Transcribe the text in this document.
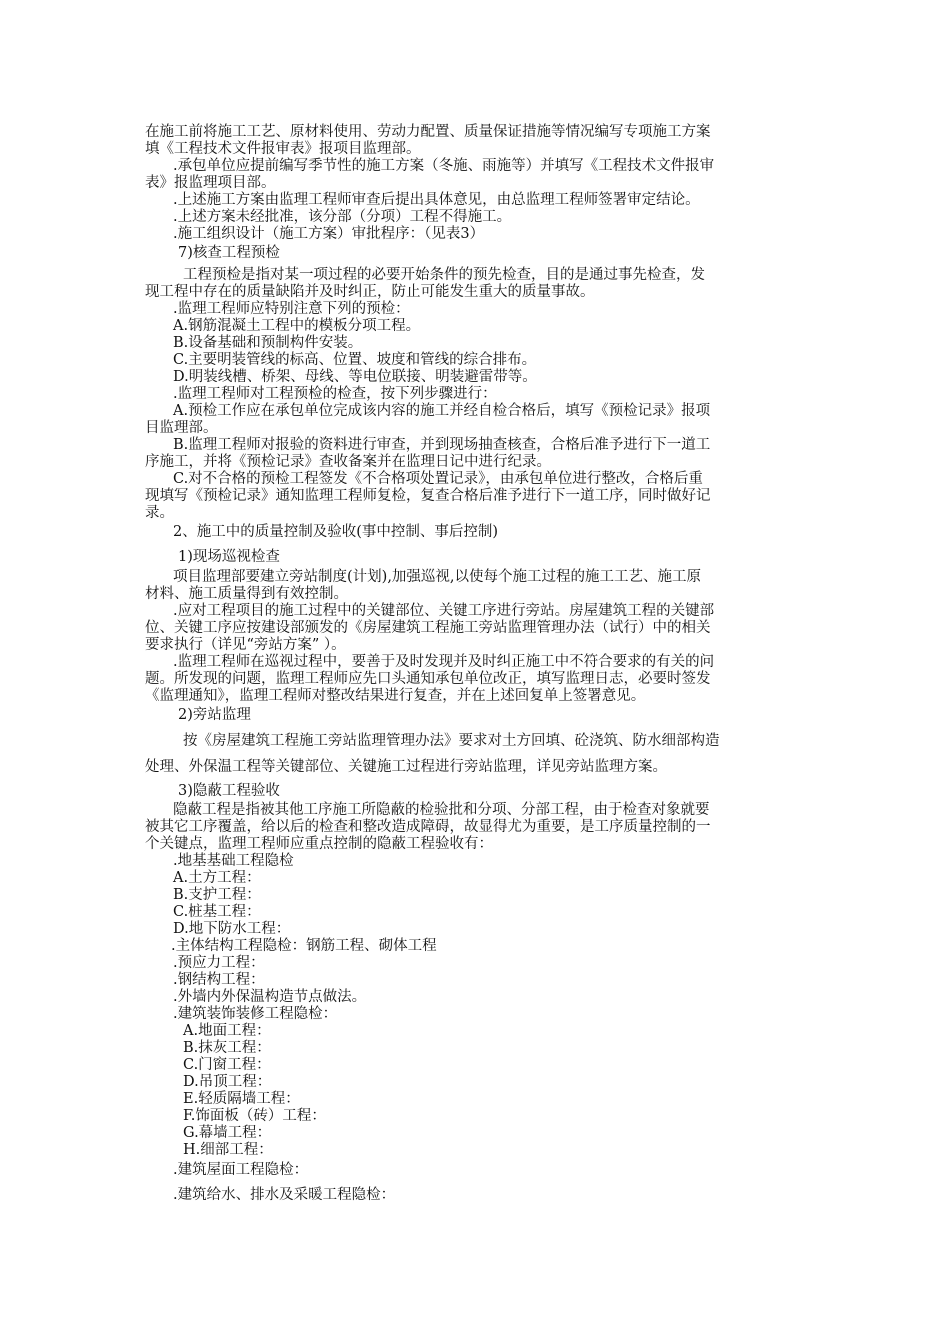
在施工前将施工工艺、原材料使用、劳动力配置、质量保证措施等情况编写专项施工方案
填《工程技术文件报审表》报项目监理部。
.承包单位应提前编写季节性的施工方案（冬施、雨施等）并填写《工程技术文件报审
表》报监理项目部。
.上述施工方案由监理工程师审查后提出具体意见，由总监理工程师签署审定结论。
.上述方案未经批准，该分部（分项）工程不得施工。
.施工组织设计（施工方案）审批程序：（见表3）
7)核查工程预检
工程预检是指对某一项过程的必要开始条件的预先检查，目的是通过事先检查，发
现工程中存在的质量缺陷并及时纠正，防止可能发生重大的质量事故。
.监理工程师应特别注意下列的预检：
A.钢筋混凝土工程中的模板分项工程。
B.设备基础和预制构件安装。
C.主要明装管线的标高、位置、坡度和管线的综合排布。
D.明装线槽、桥架、母线、等电位联接、明装避雷带等。
.监理工程师对工程预检的检查，按下列步骤进行：
A.预检工作应在承包单位完成该内容的施工并经自检合格后，填写《预检记录》报项
目监理部。
B.监理工程师对报验的资料进行审查，并到现场抽查核查，合格后准予进行下一道工
序施工，并将《预检记录》查收备案并在监理日记中进行纪录。
C.对不合格的预检工程签发《不合格项处置记录》，由承包单位进行整改，合格后重
现填写《预检记录》通知监理工程师复检，复查合格后准予进行下一道工序，同时做好记
录。
2、施工中的质量控制及验收(事中控制、事后控制)
1)现场巡视检查
项目监理部要建立旁站制度(计划),加强巡视,以使每个施工过程的施工工艺、施工原
材料、施工质量得到有效控制。
.应对工程项目的施工过程中的关键部位、关键工序进行旁站。房屋建筑工程的关键部
位、关键工序应按建设部颁发的《房屋建筑工程施工旁站监理管理办法（试行）中的相关
要求执行（详见“旁站方案” ）。
.监理工程师在巡视过程中，要善于及时发现并及时纠正施工中不符合要求的有关的问
题。所发现的问题，监理工程师应先口头通知承包单位改正，填写监理日志，必要时签发
《监理通知》，监理工程师对整改结果进行复查，并在上述回复单上签署意见。
2)旁站监理
按《房屋建筑工程施工旁站监理管理办法》要求对土方回填、砼浇筑、防水细部构造
处理、外保温工程等关键部位、关键施工过程进行旁站监理，详见旁站监理方案。
3)隐蔽工程验收
隐蔽工程是指被其他工序施工所隐蔽的检验批和分项、分部工程，由于检查对象就要
被其它工序覆盖，给以后的检查和整改造成障碍，故显得尤为重要，是工序质量控制的一
个关键点，监理工程师应重点控制的隐蔽工程验收有：
.地基基础工程隐检
A.土方工程：
B.支护工程：
C.桩基工程：
D.地下防水工程：
.主体结构工程隐检：钢筋工程、砌体工程
.预应力工程：
.钢结构工程：
.外墙内外保温构造节点做法。
.建筑装饰装修工程隐检：
A.地面工程：
B.抹灰工程：
C.门窗工程：
D.吊顶工程：
E.轻质隔墙工程：
F.饰面板（砖）工程：
G.幕墙工程：
H.细部工程：
.建筑屋面工程隐检：
.建筑给水、排水及采暖工程隐检：
